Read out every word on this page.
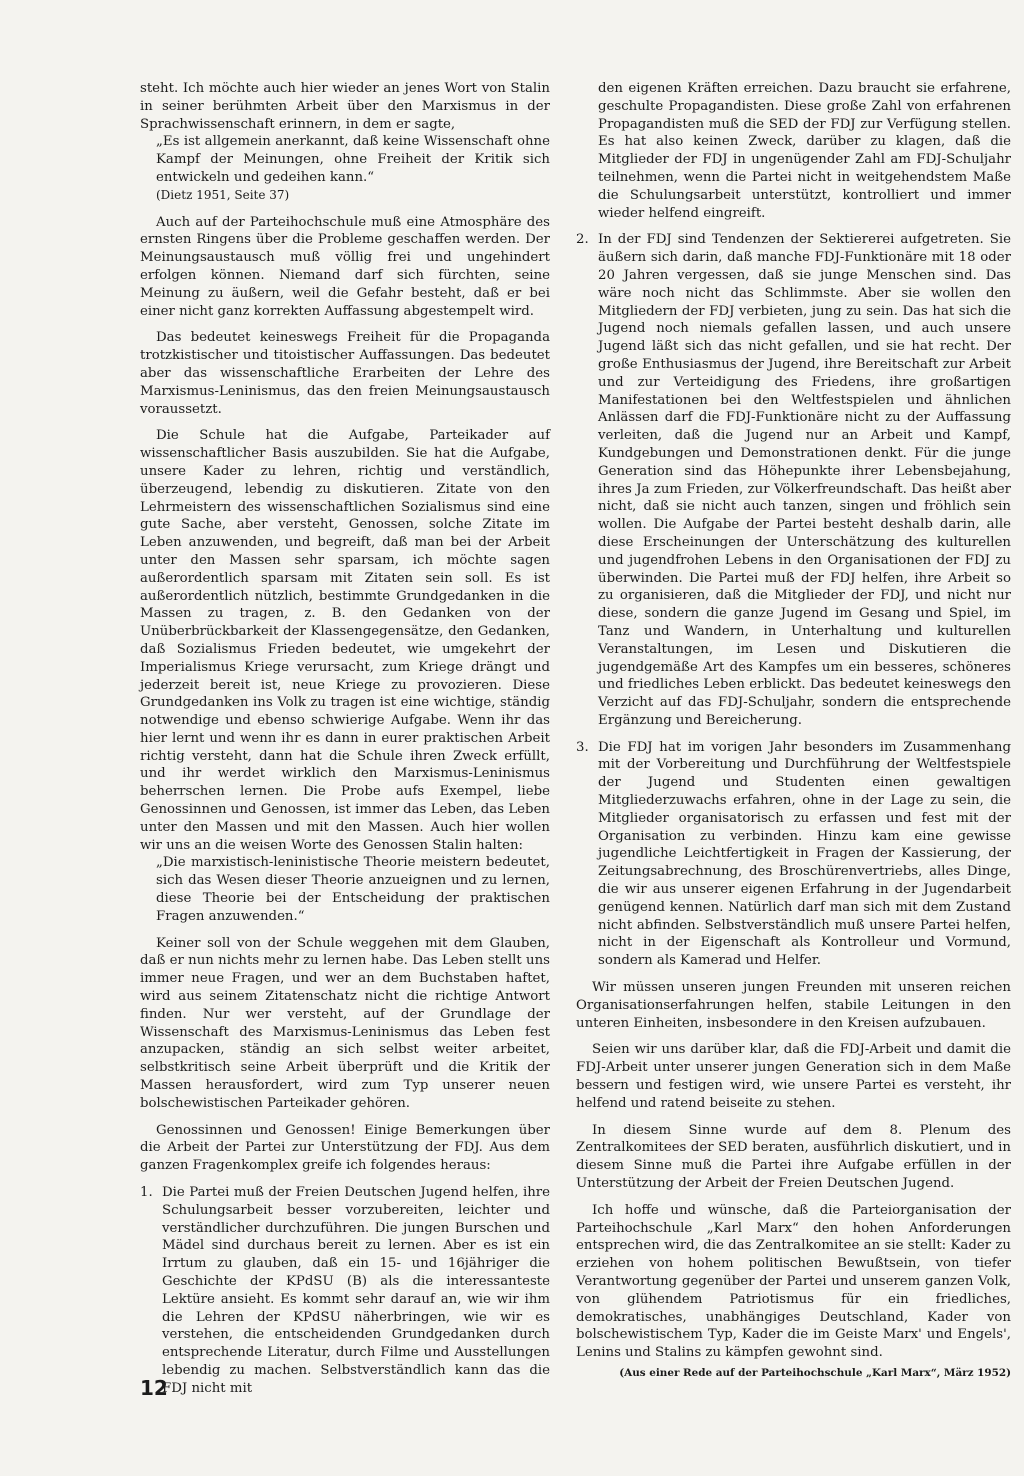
steht. Ich möchte auch hier wieder an jenes Wort von Stalin in seiner berühmten Arbeit über den Marxismus in der Sprachwissenschaft erinnern, in dem er sagte,

„Es ist allgemein anerkannt, daß keine Wissenschaft ohne Kampf der Meinungen, ohne Freiheit der Kritik sich entwickeln und gedeihen kann.“

(Dietz 1951, Seite 37)

Auch auf der Parteihochschule muß eine Atmosphäre des ernsten Ringens über die Probleme geschaffen werden. Der Meinungsaustausch muß völlig frei und ungehindert erfolgen können. Niemand darf sich fürchten, seine Meinung zu äußern, weil die Gefahr besteht, daß er bei einer nicht ganz korrekten Auffassung abgestempelt wird.

Das bedeutet keineswegs Freiheit für die Propaganda trotzkistischer und titoistischer Auffassungen. Das bedeutet aber das wissenschaftliche Erarbeiten der Lehre des Marxismus-Leninismus, das den freien Meinungsaustausch voraussetzt.

Die Schule hat die Aufgabe, Parteikader auf wissenschaftlicher Basis auszubilden. Sie hat die Aufgabe, unsere Kader zu lehren, richtig und verständlich, überzeugend, lebendig zu diskutieren. Zitate von den Lehrmeistern des wissenschaftlichen Sozialismus sind eine gute Sache, aber versteht, Genossen, solche Zitate im Leben anzuwenden, und begreift, daß man bei der Arbeit unter den Massen sehr sparsam, ich möchte sagen außerordentlich sparsam mit Zitaten sein soll. Es ist außerordentlich nützlich, bestimmte Grundgedanken in die Massen zu tragen, z. B. den Gedanken von der Unüberbrückbarkeit der Klassengegensätze, den Gedanken, daß Sozialismus Frieden bedeutet, wie umgekehrt der Imperialismus Kriege verursacht, zum Kriege drängt und jederzeit bereit ist, neue Kriege zu provozieren. Diese Grundgedanken ins Volk zu tragen ist eine wichtige, ständig notwendige und ebenso schwierige Aufgabe. Wenn ihr das hier lernt und wenn ihr es dann in eurer praktischen Arbeit richtig versteht, dann hat die Schule ihren Zweck erfüllt, und ihr werdet wirklich den Marxismus-Leninismus beherrschen lernen. Die Probe aufs Exempel, liebe Genossinnen und Genossen, ist immer das Leben, das Leben unter den Massen und mit den Massen. Auch hier wollen wir uns an die weisen Worte des Genossen Stalin halten:

„Die marxistisch-leninistische Theorie meistern bedeutet, sich das Wesen dieser Theorie anzueignen und zu lernen, diese Theorie bei der Entscheidung der praktischen Fragen anzuwenden.“

Keiner soll von der Schule weggehen mit dem Glauben, daß er nun nichts mehr zu lernen habe. Das Leben stellt uns immer neue Fragen, und wer an dem Buchstaben haftet, wird aus seinem Zitatenschatz nicht die richtige Antwort finden. Nur wer versteht, auf der Grundlage der Wissenschaft des Marxismus-Leninismus das Leben fest anzupacken, ständig an sich selbst weiter arbeitet, selbstkritisch seine Arbeit überprüft und die Kritik der Massen herausfordert, wird zum Typ unserer neuen bolschewistischen Parteikader gehören.

Genossinnen und Genossen! Einige Bemerkungen über die Arbeit der Partei zur Unterstützung der FDJ. Aus dem ganzen Fragenkomplex greife ich folgendes heraus:

1. Die Partei muß der Freien Deutschen Jugend helfen, ihre Schulungsarbeit besser vorzubereiten, leichter und verständlicher durchzuführen. Die jungen Burschen und Mädel sind durchaus bereit zu lernen. Aber es ist ein Irrtum zu glauben, daß ein 15- und 16jähriger die Geschichte der KPdSU (B) als die interessanteste Lektüre ansieht. Es kommt sehr darauf an, wie wir ihm die Lehren der KPdSU näherbringen, wie wir es verstehen, die entscheidenden Grundgedanken durch entsprechende Literatur, durch Filme und Ausstellungen lebendig zu machen. Selbstverständlich kann das die FDJ nicht mit

den eigenen Kräften erreichen. Dazu braucht sie erfahrene, geschulte Propagandisten. Diese große Zahl von erfahrenen Propagandisten muß die SED der FDJ zur Verfügung stellen. Es hat also keinen Zweck, darüber zu klagen, daß die Mitglieder der FDJ in ungenügender Zahl am FDJ-Schuljahr teilnehmen, wenn die Partei nicht in weitgehendstem Maße die Schulungsarbeit unterstützt, kontrolliert und immer wieder helfend eingreift.

2. In der FDJ sind Tendenzen der Sektiererei aufgetreten. Sie äußern sich darin, daß manche FDJ-Funktionäre mit 18 oder 20 Jahren vergessen, daß sie junge Menschen sind. Das wäre noch nicht das Schlimmste. Aber sie wollen den Mitgliedern der FDJ verbieten, jung zu sein. Das hat sich die Jugend noch niemals gefallen lassen, und auch unsere Jugend läßt sich das nicht gefallen, und sie hat recht. Der große Enthusiasmus der Jugend, ihre Bereitschaft zur Arbeit und zur Verteidigung des Friedens, ihre großartigen Manifestationen bei den Weltfestspielen und ähnlichen Anlässen darf die FDJ-Funktionäre nicht zu der Auffassung verleiten, daß die Jugend nur an Arbeit und Kampf, Kundgebungen und Demonstrationen denkt. Für die junge Generation sind das Höhepunkte ihrer Lebensbejahung, ihres Ja zum Frieden, zur Völkerfreundschaft. Das heißt aber nicht, daß sie nicht auch tanzen, singen und fröhlich sein wollen. Die Aufgabe der Partei besteht deshalb darin, alle diese Erscheinungen der Unterschätzung des kulturellen und jugendfrohen Lebens in den Organisationen der FDJ zu überwinden. Die Partei muß der FDJ helfen, ihre Arbeit so zu organisieren, daß die Mitglieder der FDJ, und nicht nur diese, sondern die ganze Jugend im Gesang und Spiel, im Tanz und Wandern, in Unterhaltung und kulturellen Veranstaltungen, im Lesen und Diskutieren die jugendgemäße Art des Kampfes um ein besseres, schöneres und friedliches Leben erblickt. Das bedeutet keineswegs den Verzicht auf das FDJ-Schuljahr, sondern die entsprechende Ergänzung und Bereicherung.

3. Die FDJ hat im vorigen Jahr besonders im Zusammenhang mit der Vorbereitung und Durchführung der Weltfestspiele der Jugend und Studenten einen gewaltigen Mitgliederzuwachs erfahren, ohne in der Lage zu sein, die Mitglieder organisatorisch zu erfassen und fest mit der Organisation zu verbinden. Hinzu kam eine gewisse jugendliche Leichtfertigkeit in Fragen der Kassierung, der Zeitungsabrechnung, des Broschürenvertriebs, alles Dinge, die wir aus unserer eigenen Erfahrung in der Jugendarbeit genügend kennen. Natürlich darf man sich mit dem Zustand nicht abfinden. Selbstverständlich muß unsere Partei helfen, nicht in der Eigenschaft als Kontrolleur und Vormund, sondern als Kamerad und Helfer.

Wir müssen unseren jungen Freunden mit unseren reichen Organisationserfahrungen helfen, stabile Leitungen in den unteren Einheiten, insbesondere in den Kreisen aufzubauen.

Seien wir uns darüber klar, daß die FDJ-Arbeit und damit die FDJ-Arbeit unter unserer jungen Generation sich in dem Maße bessern und festigen wird, wie unsere Partei es versteht, ihr helfend und ratend beiseite zu stehen.

In diesem Sinne wurde auf dem 8. Plenum des Zentralkomitees der SED beraten, ausführlich diskutiert, und in diesem Sinne muß die Partei ihre Aufgabe erfüllen in der Unterstützung der Arbeit der Freien Deutschen Jugend.

Ich hoffe und wünsche, daß die Parteiorganisation der Parteihochschule „Karl Marx“ den hohen Anforderungen entsprechen wird, die das Zentralkomitee an sie stellt: Kader zu erziehen von hohem politischen Bewußtsein, von tiefer Verantwortung gegenüber der Partei und unserem ganzen Volk, von glühendem Patriotismus für ein friedliches, demokratisches, unabhängiges Deutschland, Kader von bolschewistischem Typ, Kader die im Geiste Marx' und Engels', Lenins und Stalins zu kämpfen gewohnt sind.

(Aus einer Rede auf der Parteihochschule „Karl Marx“, März 1952)

12
